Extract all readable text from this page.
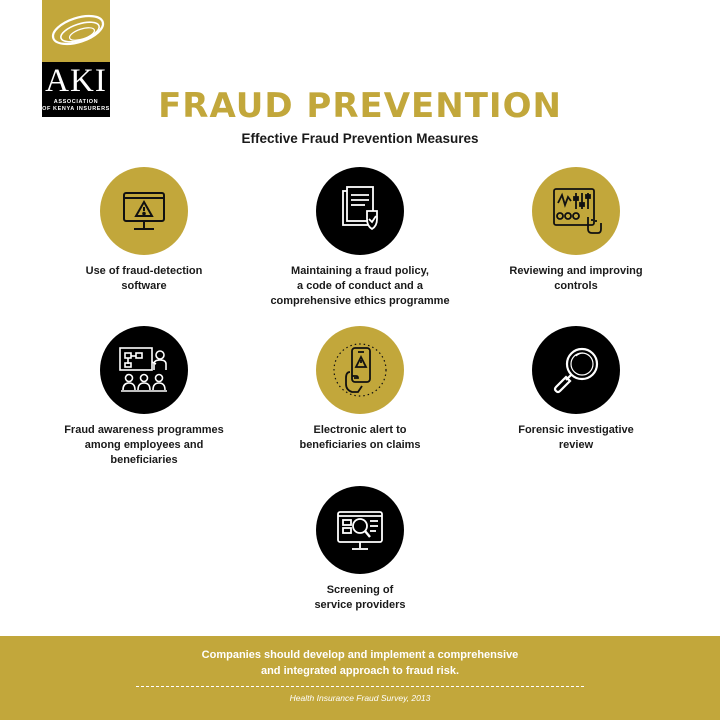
AKI
ASSOCIATION
OF KENYA INSURERS	FRAUD PREVENTION
Effective Fraud Prevention Measures
Use of fraud-detection
software
Maintaining a fraud policy,
a code of conduct and a
comprehensive ethics programme
Reviewing and improving
controls
Fraud awareness programmes
among employees and
beneficiaries
Electronic alert to
beneficiaries on claims
Forensic investigative
review
Screening of
service providers
Companies should develop and implement a comprehensive
and integrated approach to fraud risk.
Health Insurance Fraud Survey, 2013
